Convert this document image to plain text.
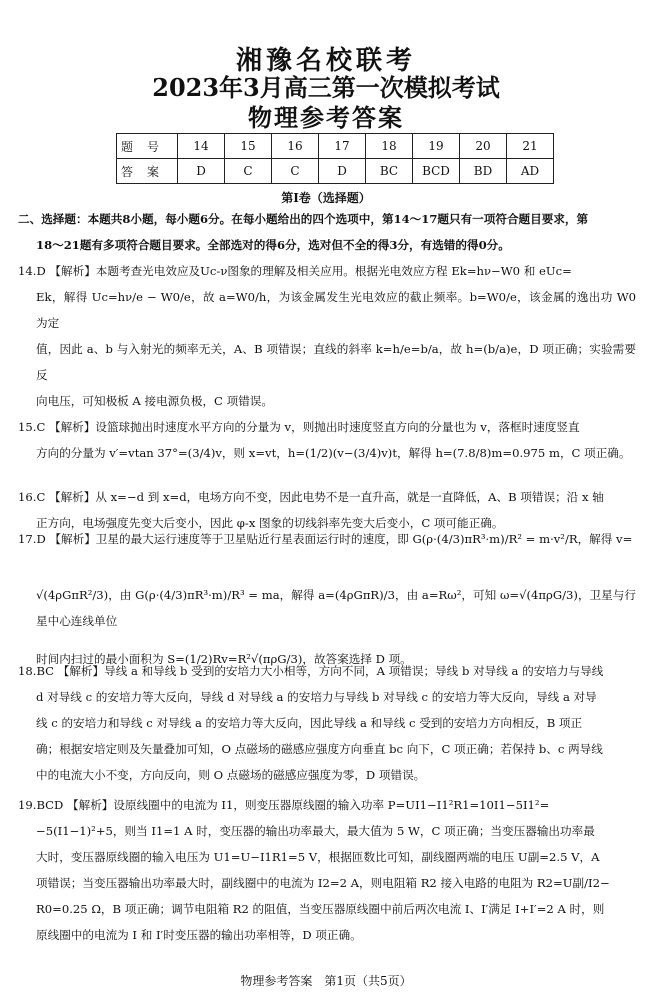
湘豫名校联考
2023年3月高三第一次模拟考试
物理参考答案
题号	14	15	16	17	18	19	20	21
答案	D	C	C	D	BC	BCD	BD	AD
第Ⅰ卷（选择题）
二、选择题：本题共8小题，每小题6分。在每小题给出的四个选项中，第14～17题只有一项符合题目要求，第
18～21题有多项符合题目要求。全部选对的得6分，选对但不全的得3分，有选错的得0分。
14.D 【解析】本题考查光电效应及Uc-ν图象的理解及相关应用。根据光电效应方程 Ek=hν−W0 和 eUc=
Ek，解得 Uc=hν/e − W0/e，故 a=W0/h，为该金属发生光电效应的截止频率。b=W0/e，该金属的逸出功 W0 为定
值，因此 a、b 与入射光的频率无关，A、B 项错误；直线的斜率 k=h/e=b/a，故 h=(b/a)e，D 项正确；实验需要反
向电压，可知极板 A 接电源负极，C 项错误。
15.C 【解析】设篮球抛出时速度水平方向的分量为 v，则抛出时速度竖直方向的分量也为 v，落框时速度竖直
方向的分量为 v′=vtan 37°=(3/4)v，则 x=vt，h=(1/2)(v−(3/4)v)t，解得 h=(7.8/8)m=0.975 m，C 项正确。
16.C 【解析】从 x=−d 到 x=d，电场方向不变，因此电势不是一直升高，就是一直降低，A、B 项错误；沿 x 轴
正方向，电场强度先变大后变小，因此 φ-x 图象的切线斜率先变大后变小，C 项可能正确。
17.D 【解析】卫星的最大运行速度等于卫星贴近行星表面运行时的速度，即 G(ρ·(4/3)πR³·m)/R² = m·v²/R，解得 v=
√(4ρGπR²/3)，由 G(ρ·(4/3)πR³·m)/R³ = ma，解得 a=(4ρGπR)/3，由 a=Rω²，可知 ω=√(4πρG/3)，卫星与行星中心连线单位
时间内扫过的最小面积为 S=(1/2)Rv=R²√(πρG/3)，故答案选择 D 项。
18.BC 【解析】导线 a 和导线 b 受到的安培力大小相等，方向不同，A 项错误；导线 b 对导线 a 的安培力与导线
d 对导线 c 的安培力等大反向，导线 d 对导线 a 的安培力与导线 b 对导线 c 的安培力等大反向，导线 a 对导
线 c 的安培力和导线 c 对导线 a 的安培力等大反向，因此导线 a 和导线 c 受到的安培力方向相反，B 项正
确；根据安培定则及矢量叠加可知，O 点磁场的磁感应强度方向垂直 bc 向下，C 项正确；若保持 b、c 两导线
中的电流大小不变，方向反向，则 O 点磁场的磁感应强度为零，D 项错误。
19.BCD 【解析】设原线圈中的电流为 I1，则变压器原线圈的输入功率 P=UI1−I1²R1=10I1−5I1²=
−5(I1−1)²+5，则当 I1=1 A 时，变压器的输出功率最大，最大值为 5 W，C 项正确；当变压器输出功率最
大时，变压器原线圈的输入电压为 U1=U−I1R1=5 V，根据匝数比可知，副线圈两端的电压 U副=2.5 V，A
项错误；当变压器输出功率最大时，副线圈中的电流为 I2=2 A，则电阻箱 R2 接入电路的电阻为 R2=U副/I2−
R0=0.25 Ω，B 项正确；调节电阻箱 R2 的阻值，当变压器原线圈中前后两次电流 I、I′满足 I+I′=2 A 时，则
原线圈中的电流为 I 和 I′时变压器的输出功率相等，D 项正确。
物理参考答案　第1页（共5页）
